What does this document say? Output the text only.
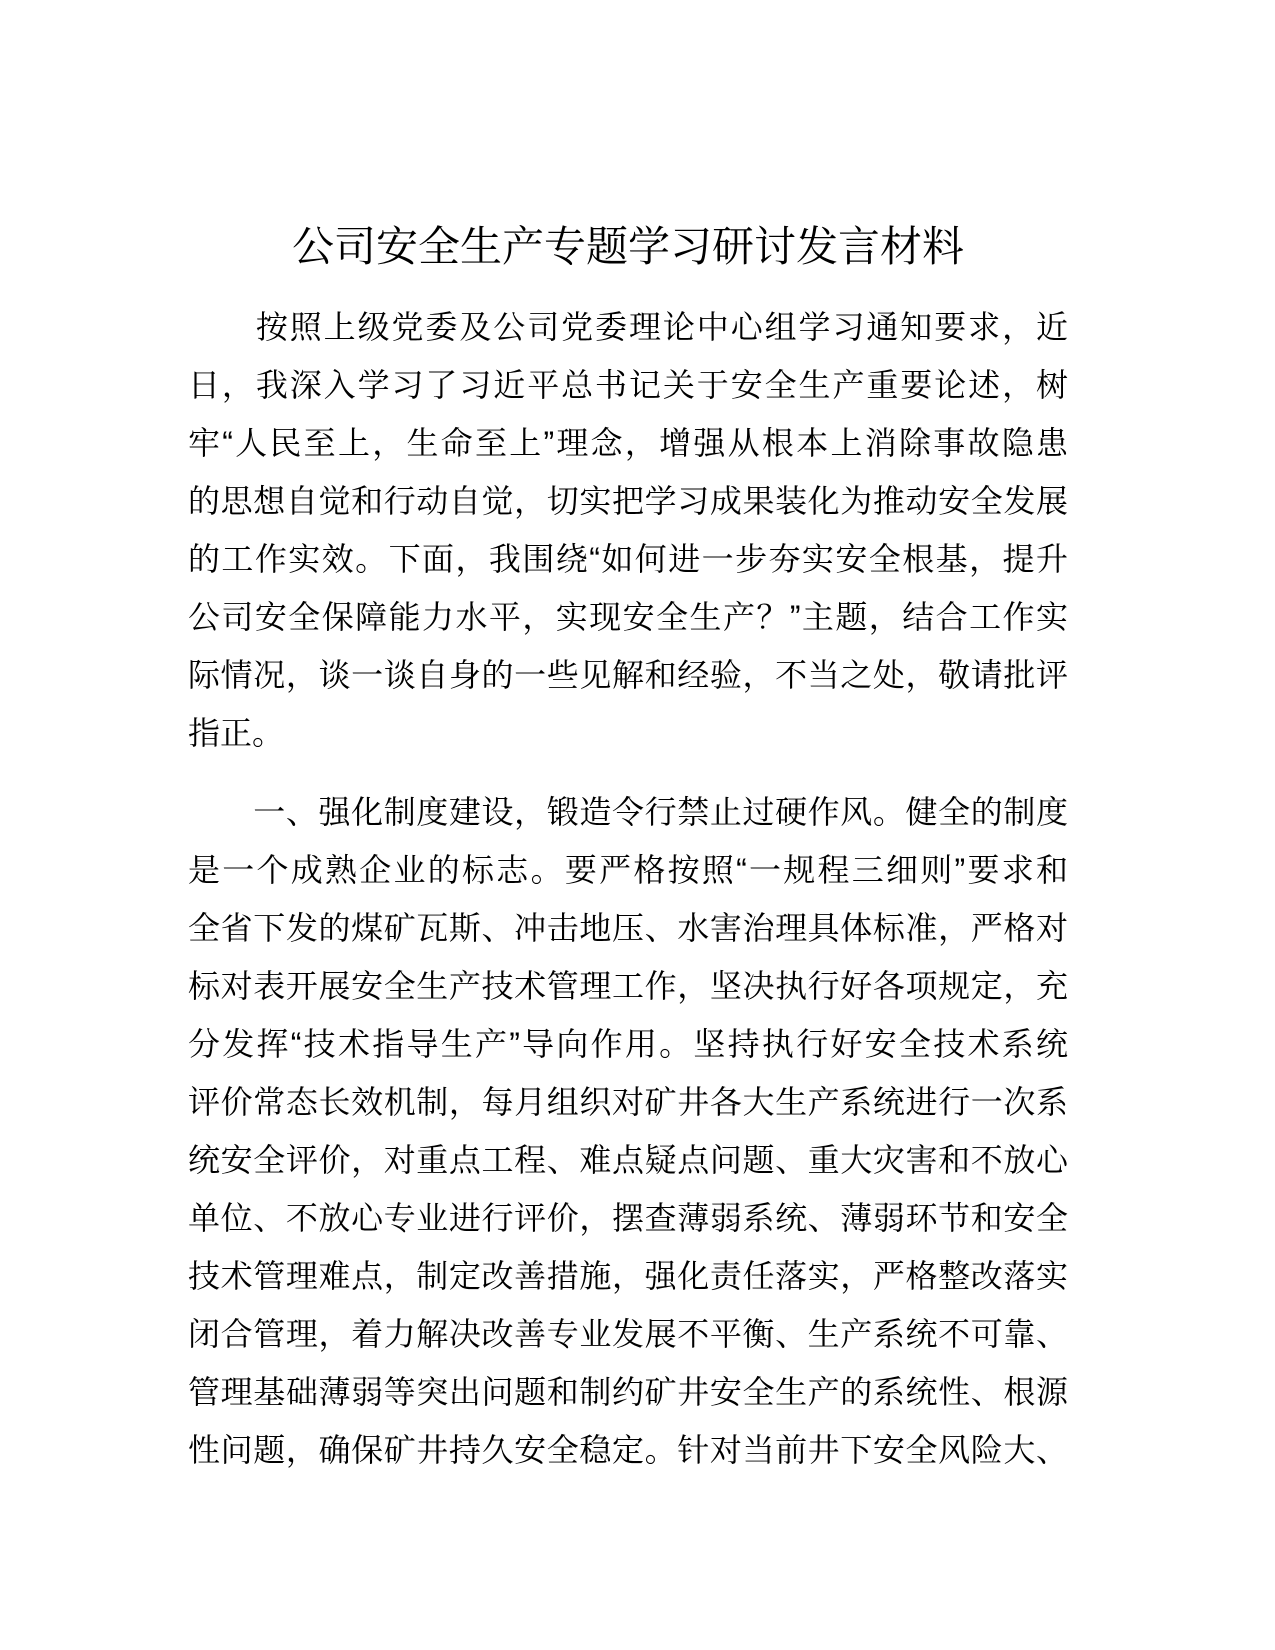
公司安全生产专题学习研讨发言材料
　　按照上级党委及公司党委理论中心组学习通知要求，近
日，我深入学习了习近平总书记关于安全生产重要论述，树
牢“人民至上，生命至上”理念，增强从根本上消除事故隐患
的思想自觉和行动自觉，切实把学习成果装化为推动安全发展
的工作实效。下面，我围绕“如何进一步夯实安全根基，提升
公司安全保障能力水平，实现安全生产？”主题，结合工作实
际情况，谈一谈自身的一些见解和经验，不当之处，敬请批评
指正。
　　一、强化制度建设，锻造令行禁止过硬作风。健全的制度
是一个成熟企业的标志。要严格按照“一规程三细则”要求和
全省下发的煤矿瓦斯、冲击地压、水害治理具体标准，严格对
标对表开展安全生产技术管理工作，坚决执行好各项规定，充
分发挥“技术指导生产”导向作用。坚持执行好安全技术系统
评价常态长效机制，每月组织对矿井各大生产系统进行一次系
统安全评价，对重点工程、难点疑点问题、重大灾害和不放心
单位、不放心专业进行评价，摆查薄弱系统、薄弱环节和安全
技术管理难点，制定改善措施，强化责任落实，严格整改落实
闭合管理，着力解决改善专业发展不平衡、生产系统不可靠、
管理基础薄弱等突出问题和制约矿井安全生产的系统性、根源
性问题，确保矿井持久安全稳定。针对当前井下安全风险大、
